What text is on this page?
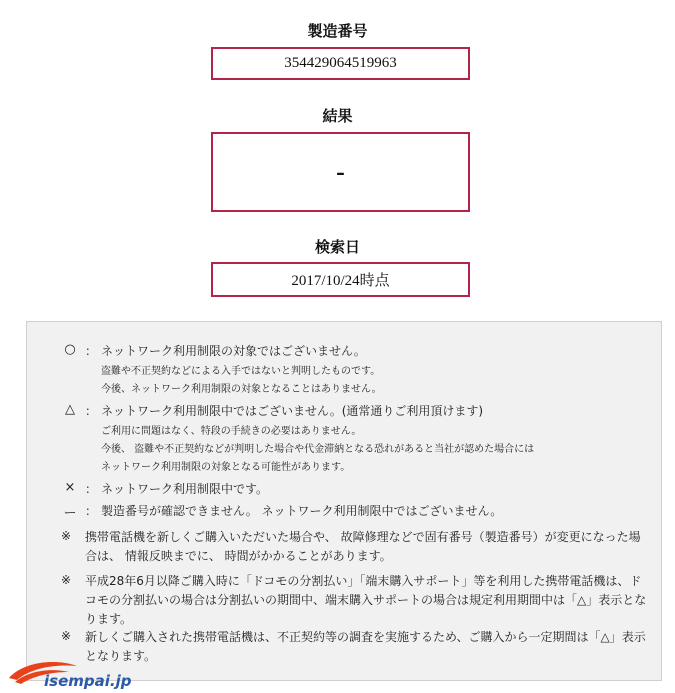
製造番号
354429064519963
結果
-
検索日
2017/10/24時点
○ ： ネットワーク利用制限の対象ではございません。
盗難や不正契約などによる入手ではないと判明したものです。
今後、ネットワーク利用制限の対象となることはありません。
△ ： ネットワーク利用制限中ではございません。(通常通りご利用頂けます)
ご利用に問題はなく、特段の手続きの必要はありません。
今後、 盗難や不正契約などが判明した場合や代金滞納となる恐れがあると当社が認めた場合には
ネットワーク利用制限の対象となる可能性があります。
× ： ネットワーク利用制限中です。
ー ： 製造番号が確認できません。 ネットワーク利用制限中ではございません。
※ 携帯電話機を新しくご購入いただいた場合や、 故障修理などで固有番号（製造番号）が変更になった場合は、 情報反映までに、 時間がかかることがあります。
※ 平成28年6月以降ご購入時に「ドコモの分割払い」「端末購入サポート」等を利用した携帯電話機は、ドコモの分割払いの場合は分割払いの期間中、端末購入サポートの場合は規定利用期間中は「△」表示となります。
※ 新しくご購入された携帯電話機は、不正契約等の調査を実施するため、ご購入から一定期間は「△」表示となります。
isempai.jp
